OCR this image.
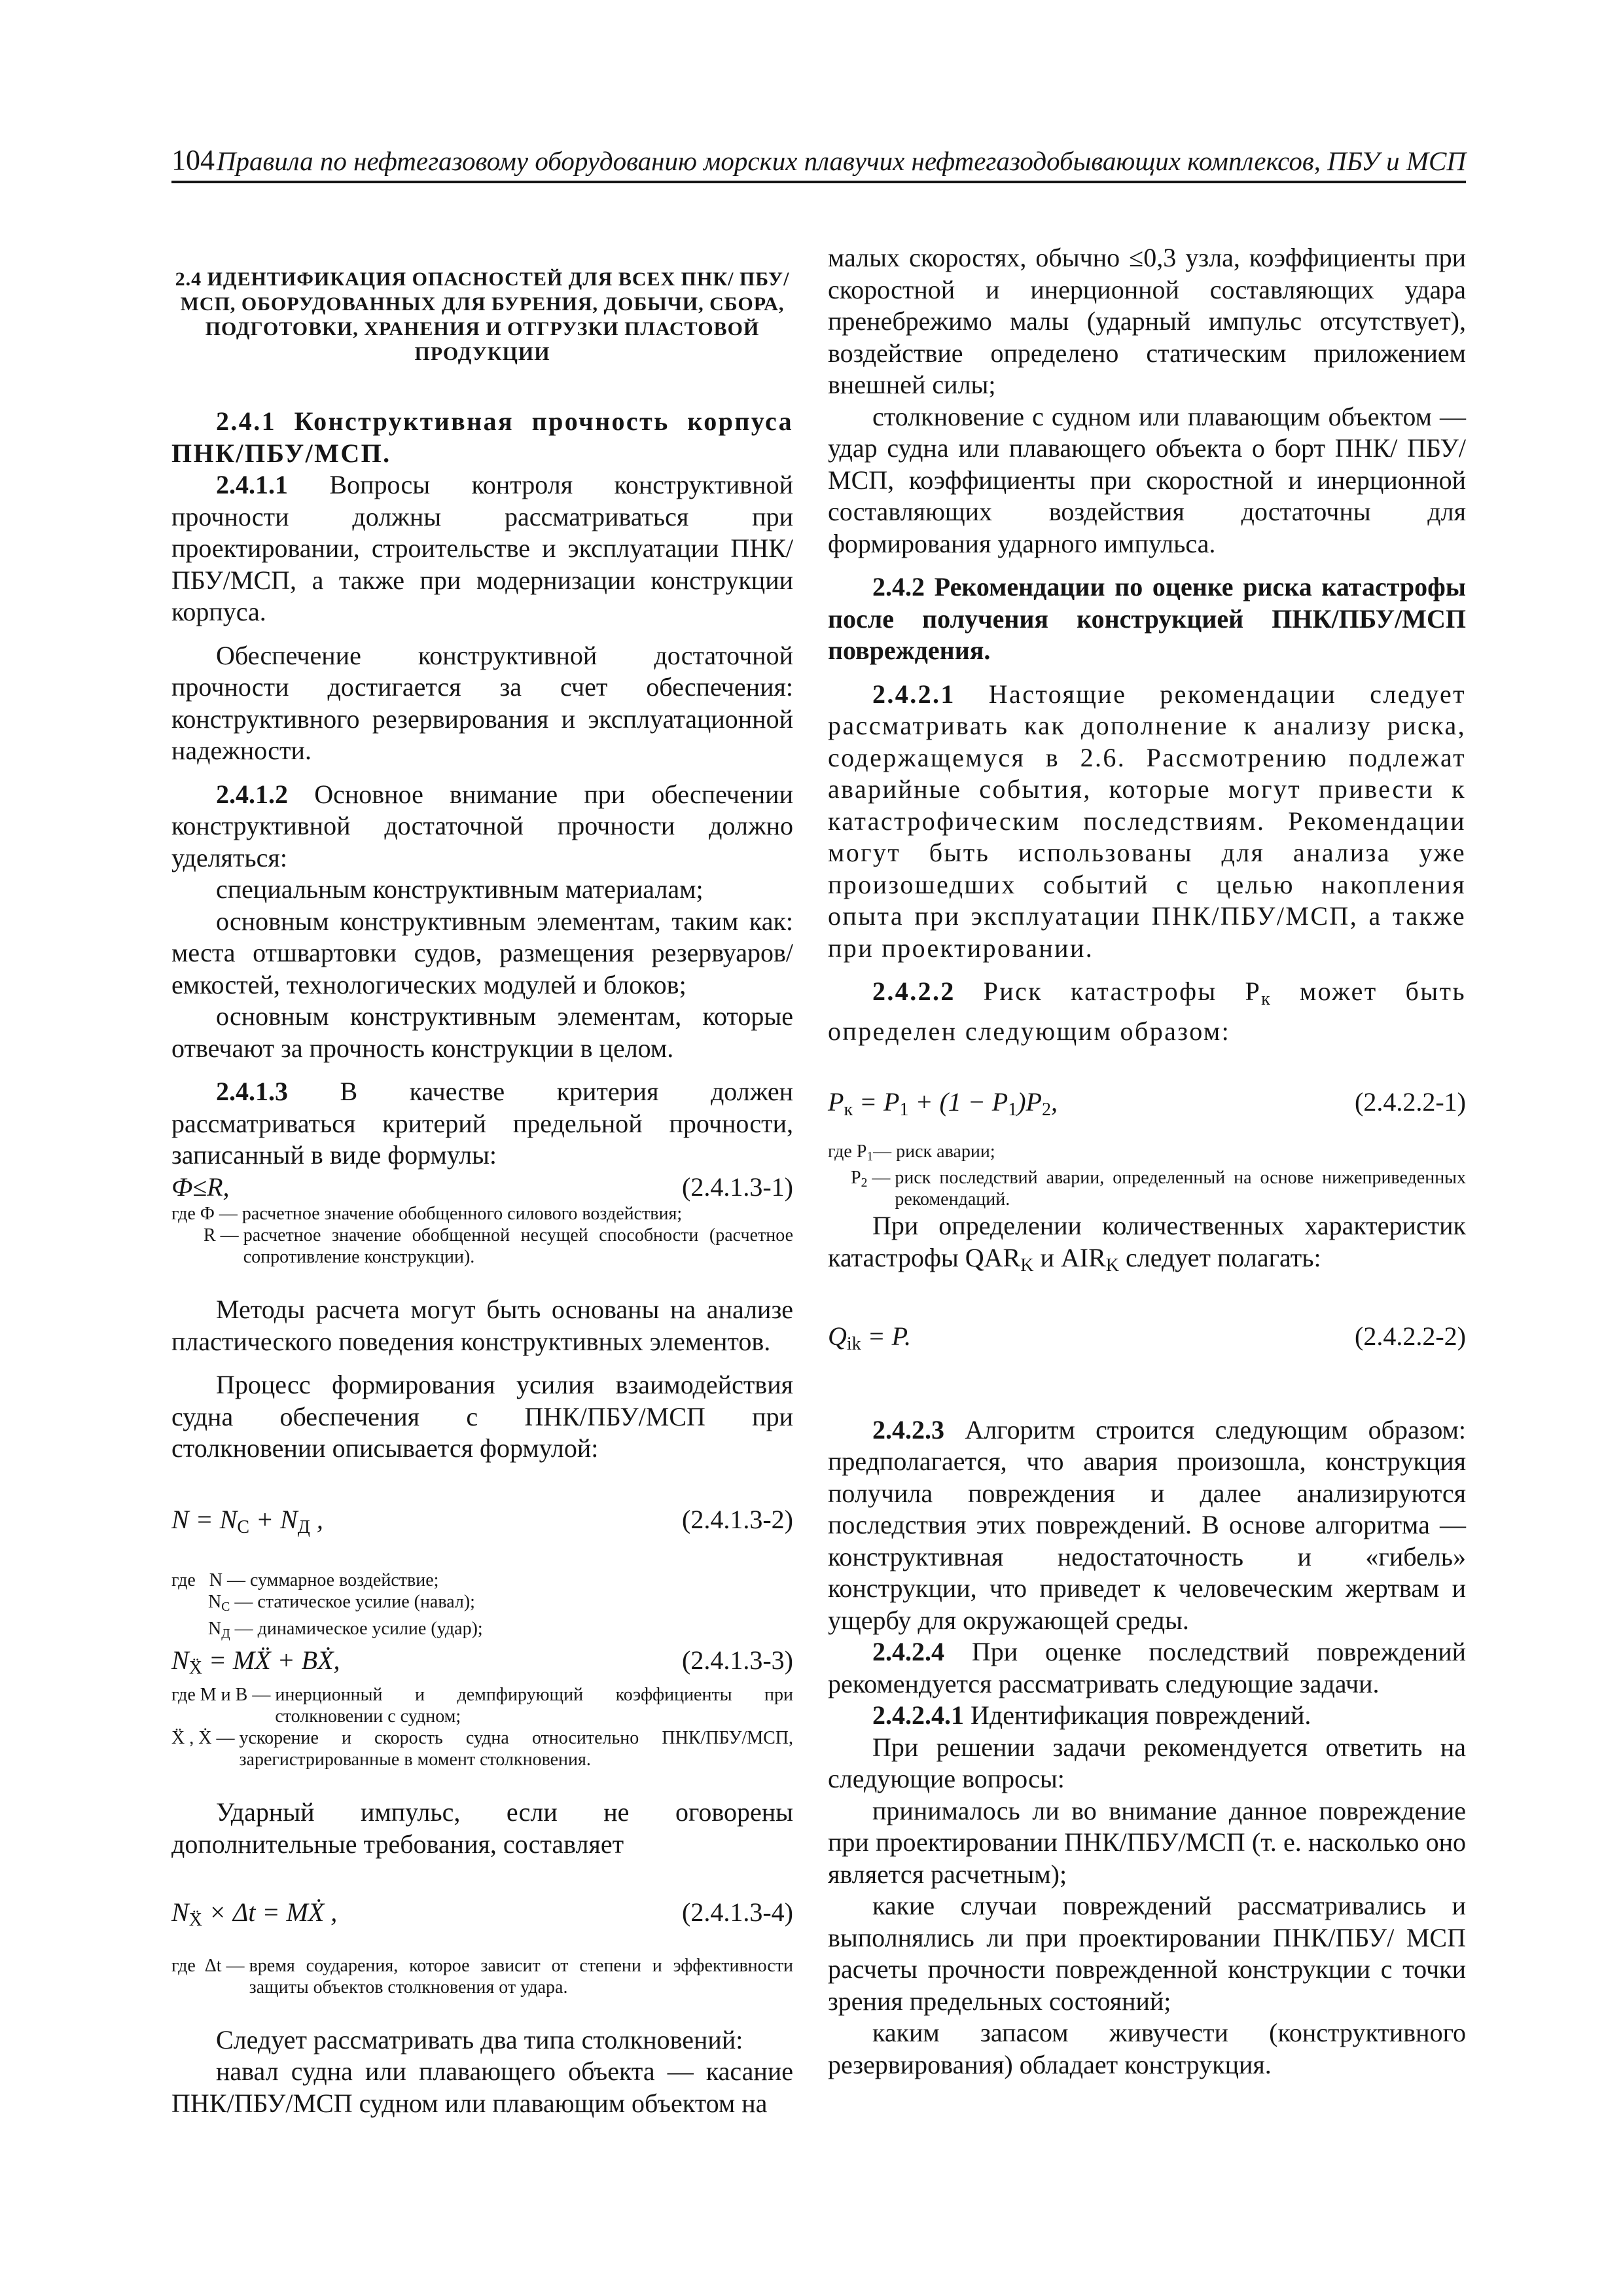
104 Правила по нефтегазовому оборудованию морских плавучих нефтегазодобывающих комплексов, ПБУ и МСП

2.4 ИДЕНТИФИКАЦИЯ ОПАСНОСТЕЙ ДЛЯ ВСЕХ ПНК/ ПБУ/МСП, ОБОРУДОВАННЫХ ДЛЯ БУРЕНИЯ, ДОБЫЧИ, СБОРА, ПОДГОТОВКИ, ХРАНЕНИЯ И ОТГРУЗКИ ПЛАСТОВОЙ ПРОДУКЦИИ

2.4.1 Конструктивная прочность корпуса ПНК/ПБУ/МСП.

2.4.1.1 Вопросы контроля конструктивной прочности должны рассматриваться при проектировании, строительстве и эксплуатации ПНК/ПБУ/МСП, а также при модернизации конструкции корпуса.

Обеспечение конструктивной достаточной прочности достигается за счет обеспечения: конструктивного резервирования и эксплуатационной надежности.

2.4.1.2 Основное внимание при обеспечении конструктивной достаточной прочности должно уделяться:

специальным конструктивным материалам;

основным конструктивным элементам, таким как: места отшвартовки судов, размещения резервуаров/емкостей, технологических модулей и блоков;

основным конструктивным элементам, которые отвечают за прочность конструкции в целом.

2.4.1.3 В качестве критерия должен рассматриваться критерий предельной прочности, записанный в виде формулы:

Ф≤R,	(2.4.1.3-1)
где Ф — расчетное значение обобщенного силового воздействия;
R — расчетное значение обобщенной несущей способности (расчетное сопротивление конструкции).

Методы расчета могут быть основаны на анализе пластического поведения конструктивных элементов.

Процесс формирования усилия взаимодействия судна обеспечения с ПНК/ПБУ/МСП при столкновении описывается формулой:

$N = N_С + N_Д$ ,	(2.4.1.3-2)
где   N — суммарное воздействие;
$N_С$ — статическое усилие (навал);
$N_Д$ — динамическое усилие (удар);
$N_Ẍ$ = MẌ + BẊ,	(2.4.1.3-3)
где M и B — инерционный и демпфирующий коэффициенты при столкновении с судном;
Ẍ , Ẋ — ускорение и скорость судна относительно ПНК/ПБУ/МСП, зарегистрированные в момент столкновения.

Ударный импульс, если не оговорены дополнительные требования, составляет

$N_Ẍ \times \Delta t$ = MẊ ,	(2.4.1.3-4)
где  Δt — время соударения, которое зависит от степени и эффективности защиты объектов столкновения от удара.

Следует рассматривать два типа столкновений:

навал судна или плавающего объекта — касание ПНК/ПБУ/МСП судном или плавающим объектом на

малых скоростях, обычно ≤0,3 узла, коэффициенты при скоростной и инерционной составляющих удара пренебрежимо малы (ударный импульс отсутствует), воздействие определено статическим приложением внешней силы;

столкновение с судном или плавающим объектом — удар судна или плавающего объекта о борт ПНК/ ПБУ/МСП, коэффициенты при скоростной и инерционной составляющих воздействия достаточны для формирования ударного импульса.

2.4.2 Рекомендации по оценке риска катастрофы после получения конструкцией ПНК/ПБУ/МСП повреждения.

2.4.2.1 Настоящие рекомендации следует рассматривать как дополнение к анализу риска, содержащемуся в 2.6. Рассмотрению подлежат аварийные события, которые могут привести к катастрофическим последствиям. Рекомендации могут быть использованы для анализа уже произошедших событий с целью накопления опыта при эксплуатации ПНК/ПБУ/МСП, а также при проектировании.

2.4.2.2 Риск катастрофы $P_к$ может быть определен следующим образом:

$P_к = P_1 + (1 - P_1)P_2$,	(2.4.2.2-1)
где $P_1—$ риск аварии;
$P_2$ — риск последствий аварии, определенный на основе нижеприведенных рекомендаций.

При определении количественных характеристик катастрофы $QAR_K$ и $AIR_K$ следует полагать:

$Q_{ik} = P$.	(2.4.2.2-2)

2.4.2.3 Алгоритм строится следующим образом: предполагается, что авария произошла, конструкция получила повреждения и далее анализируются последствия этих повреждений. В основе алгоритма — конструктивная недостаточность и «гибель» конструкции, что приведет к человеческим жертвам и ущербу для окружающей среды.

2.4.2.4 При оценке последствий повреждений рекомендуется рассматривать следующие задачи.

2.4.2.4.1 Идентификация повреждений.

При решении задачи рекомендуется ответить на следующие вопросы:

принималось ли во внимание данное повреждение при проектировании ПНК/ПБУ/МСП (т. е. насколько оно является расчетным);

какие случаи повреждений рассматривались и выполнялись ли при проектировании ПНК/ПБУ/ МСП расчеты прочности поврежденной конструкции с точки зрения предельных состояний;

каким запасом живучести (конструктивного резервирования) обладает конструкция.
